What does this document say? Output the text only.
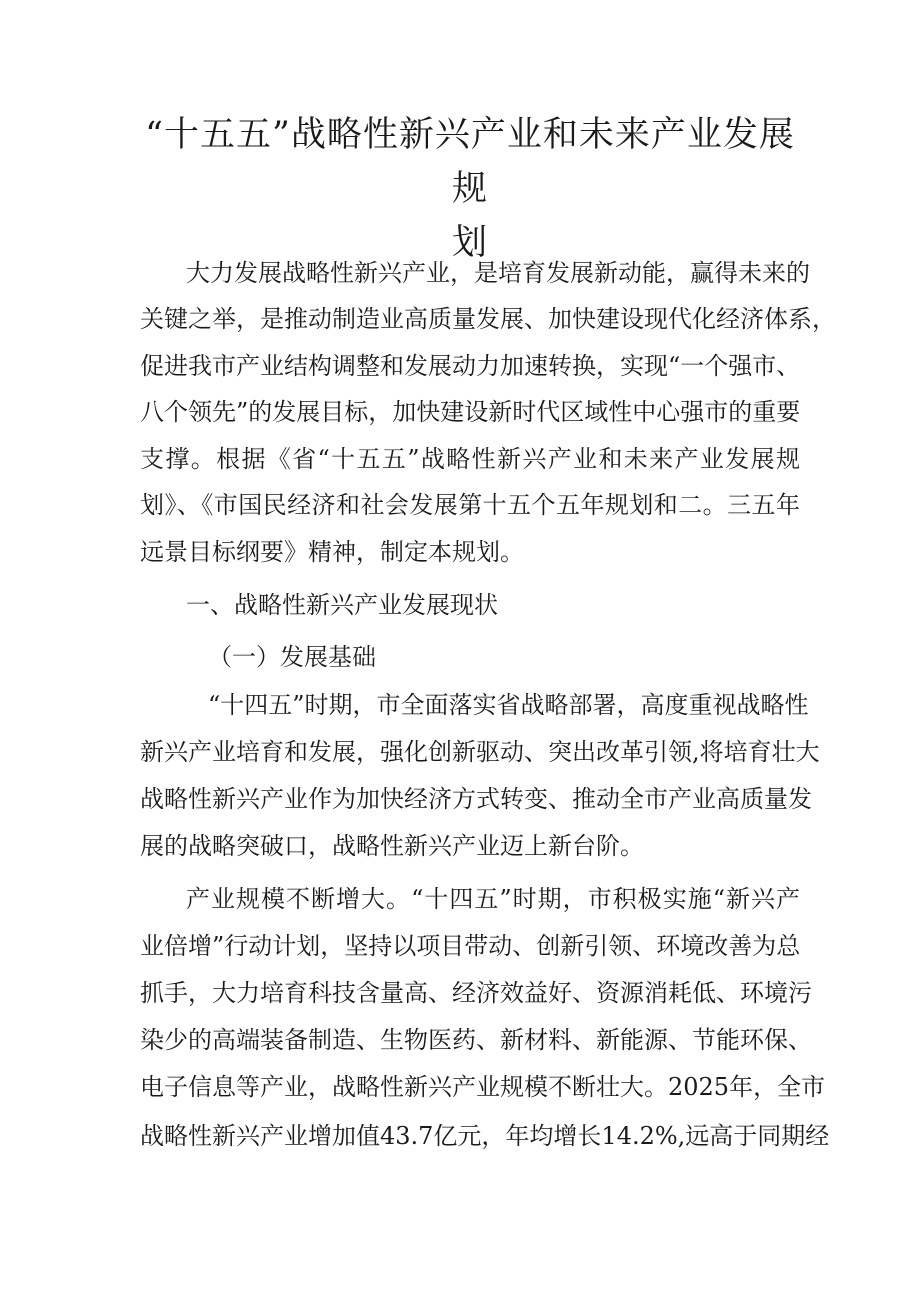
“十五五”战略性新兴产业和未来产业发展规
划

大力发展战略性新兴产业，是培育发展新动能，赢得未来的

关键之举，是推动制造业高质量发展、加快建设现代化经济体系，

促进我市产业结构调整和发展动力加速转换，实现“一个强市、

八个领先”的发展目标，加快建设新时代区域性中心强市的重要

支撑。根据《省“十五五”战略性新兴产业和未来产业发展规

划》、《市国民经济和社会发展第十五个五年规划和二。三五年

远景目标纲要》精神，制定本规划。

一、战略性新兴产业发展现状

（一）发展基础

“十四五”时期，市全面落实省战略部署，高度重视战略性

新兴产业培育和发展，强化创新驱动、突出改革引领,将培育壮大

战略性新兴产业作为加快经济方式转变、推动全市产业高质量发

展的战略突破口，战略性新兴产业迈上新台阶。

产业规模不断增大。“十四五”时期，市积极实施“新兴产

业倍增”行动计划，坚持以项目带动、创新引领、环境改善为总

抓手，大力培育科技含量高、经济效益好、资源消耗低、环境污

染少的高端装备制造、生物医药、新材料、新能源、节能环保、

电子信息等产业，战略性新兴产业规模不断壮大。2025年，全市

战略性新兴产业增加值43.7亿元，年均增长14.2%,远高于同期经
